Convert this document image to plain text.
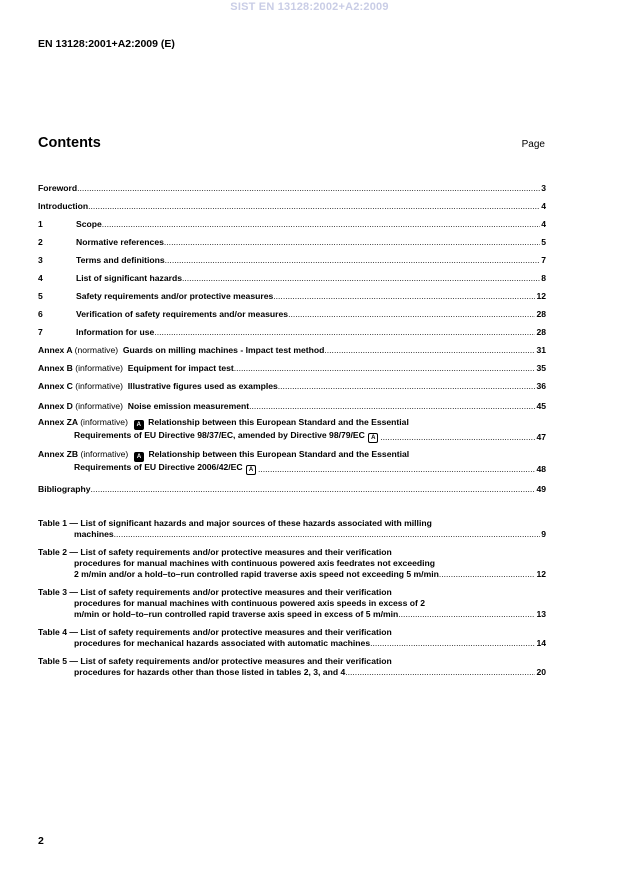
SIST EN 13128:2002+A2:2009
EN 13128:2001+A2:2009 (E)
Contents	Page
Foreword .....	3
Introduction .....	4
1	Scope .....	4
2	Normative references .....	5
3	Terms and definitions .....	7
4	List of significant hazards .....	8
5	Safety requirements and/or protective measures .....	12
6	Verification of safety requirements and/or measures .....	28
7	Information for use .....	28
Annex A (normative) Guards on milling machines - Impact test method .....	31
Annex B (informative) Equipment for impact test .....	35
Annex C (informative) Illustrative figures used as examples .....	36
Annex D (informative) Noise emission measurement .....	45
Annex ZA (informative) A Relationship between this European Standard and the Essential
Requirements of EU Directive 98/37/EC, amended by Directive 98/79/EC A .....	47
Annex ZB (informative) A Relationship between this European Standard and the Essential
Requirements of EU Directive 2006/42/EC A .....	48
Bibliography .....	49
Table 1 — List of significant hazards and major sources of these hazards associated with milling
machines .....	9
Table 2 — List of safety requirements and/or protective measures and their verification
procedures for manual machines with continuous powered axis feedrates not exceeding
2 m/min and/or a hold–to–run controlled rapid traverse axis speed not exceeding 5 m/min .....	12
Table 3 — List of safety requirements and/or protective measures and their verification
procedures for manual machines with continuous powered axis speeds in excess of 2
m/min or hold–to–run controlled rapid traverse axis speed in excess of 5 m/min .....	13
Table 4 — List of safety requirements and/or protective measures and their verification
procedures for mechanical hazards associated with automatic machines .....	14
Table 5 — List of safety requirements and/or protective measures and their verification
procedures for hazards other than those listed in tables 2, 3, and 4 .....	20
2
